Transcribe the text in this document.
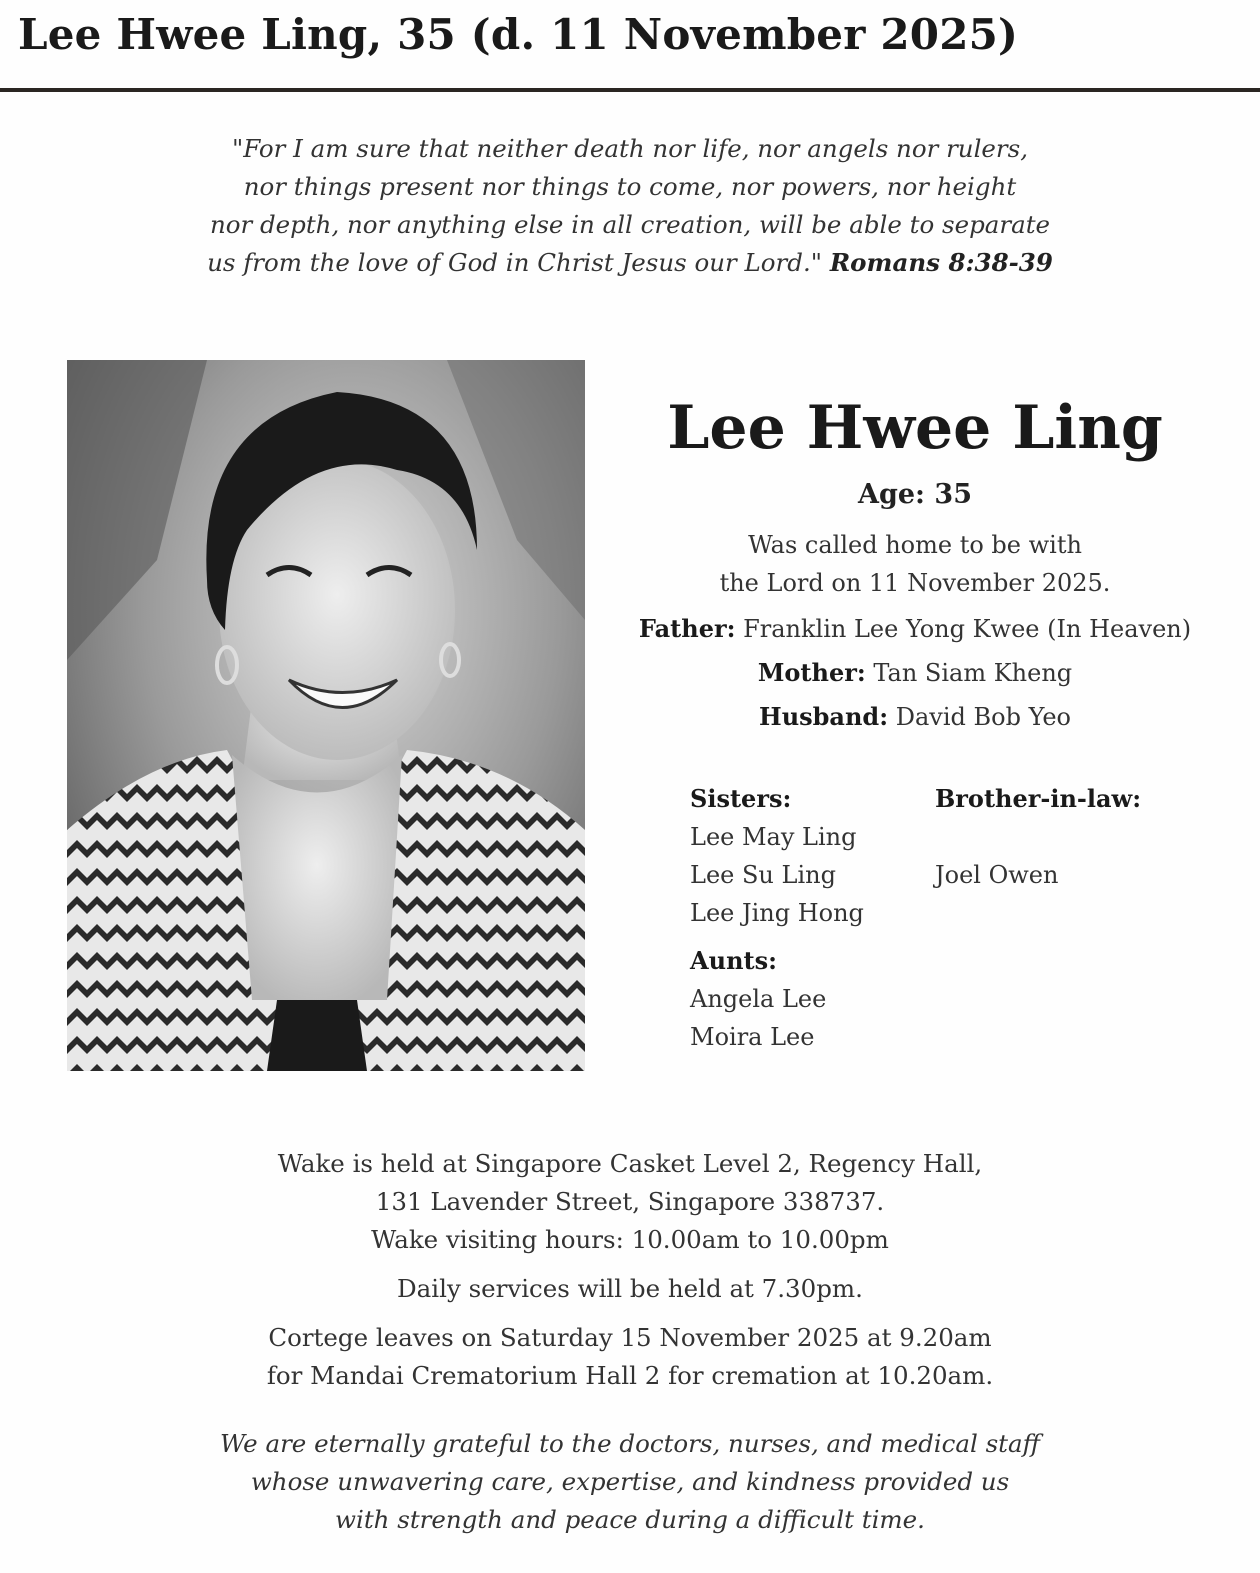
Lee Hwee Ling, 35 (d. 11 November 2025)
"For I am sure that neither death nor life, nor angels nor rulers,
nor things present nor things to come, nor powers, nor height
nor depth, nor anything else in all creation, will be able to separate
us from the love of God in Christ Jesus our Lord." Romans 8:38-39
Lee Hwee Ling
Age: 35
Was called home to be with
the Lord on 11 November 2025.
Father: Franklin Lee Yong Kwee (In Heaven)
Mother: Tan Siam Kheng
Husband: David Bob Yeo
Sisters:
Lee May Ling
Lee Su Ling
Lee Jing Hong
Brother-in-law:
Joel Owen
Aunts:
Angela Lee
Moira Lee
Wake is held at Singapore Casket Level 2, Regency Hall,
131 Lavender Street, Singapore 338737.
Wake visiting hours: 10.00am to 10.00pm
Daily services will be held at 7.30pm.
Cortege leaves on Saturday 15 November 2025 at 9.20am
for Mandai Crematorium Hall 2 for cremation at 10.20am.
We are eternally grateful to the doctors, nurses, and medical staff
whose unwavering care, expertise, and kindness provided us
with strength and peace during a difficult time.
